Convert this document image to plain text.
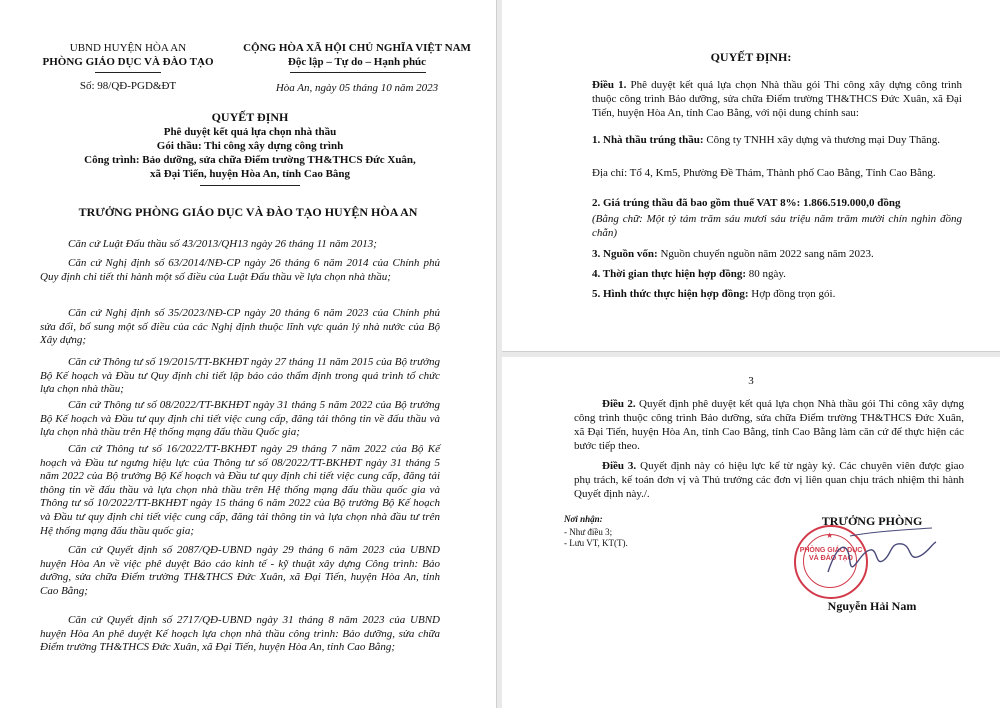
UBND HUYỆN HÒA AN
PHÒNG GIÁO DỤC VÀ ĐÀO TẠO
CỘNG HÒA XÃ HỘI CHỦ NGHĨA VIỆT NAM
Độc lập – Tự do – Hạnh phúc
Số: 98/QĐ-PGD&ĐT	Hòa An, ngày 05 tháng 10 năm 2023
QUYẾT ĐỊNH
Phê duyệt kết quả lựa chọn nhà thầu
Gói thầu: Thi công xây dựng công trình
Công trình: Bảo dưỡng, sửa chữa Điểm trường TH&THCS Đức Xuân,
xã Đại Tiến, huyện Hòa An, tỉnh Cao Bằng
TRƯỞNG PHÒNG GIÁO DỤC VÀ ĐÀO TẠO HUYỆN HÒA AN
Căn cứ Luật Đấu thầu số 43/2013/QH13 ngày 26 tháng 11 năm 2013;
Căn cứ Nghị định số 63/2014/NĐ-CP ngày 26 tháng 6 năm 2014 của Chính phủ Quy định chi tiết thi hành một số điều của Luật Đấu thầu về lựa chọn nhà thầu;
Căn cứ Nghị định số 35/2023/NĐ-CP ngày 20 tháng 6 năm 2023 của Chính phủ sửa đổi, bổ sung một số điều của các Nghị định thuộc lĩnh vực quản lý nhà nước của Bộ Xây dựng;
Căn cứ Thông tư số 19/2015/TT-BKHĐT ngày 27 tháng 11 năm 2015 của Bộ trưởng Bộ Kế hoạch và Đầu tư Quy định chi tiết lập báo cáo thẩm định trong quá trình tổ chức lựa chọn nhà thầu;
Căn cứ Thông tư số 08/2022/TT-BKHĐT ngày 31 tháng 5 năm 2022 của Bộ trưởng Bộ Kế hoạch và Đầu tư quy định chi tiết việc cung cấp, đăng tải thông tin về đấu thầu và lựa chọn nhà thầu trên Hệ thống mạng đấu thầu Quốc gia;
Căn cứ Thông tư số 16/2022/TT-BKHĐT ngày 29 tháng 7 năm 2022 của Bộ Kế hoạch và Đầu tư ngưng hiệu lực của Thông tư số 08/2022/TT-BKHĐT ngày 31 tháng 5 năm 2022 của Bộ trưởng Bộ Kế hoạch và Đầu tư quy định chi tiết việc cung cấp, đăng tải thông tin về đấu thầu và lựa chọn nhà thầu trên Hệ thống mạng đấu thầu quốc gia và Thông tư số 10/2022/TT-BKHĐT ngày 15 tháng 6 năm 2022 của Bộ trưởng Bộ Kế hoạch và Đầu tư quy định chi tiết việc cung cấp, đăng tải thông tin và lựa chọn nhà đầu tư trên Hệ thống mạng đấu thầu quốc gia;
Căn cứ Quyết định số 2087/QĐ-UBND ngày 29 tháng 6 năm 2023 của UBND huyện Hòa An về việc phê duyệt Báo cáo kinh tế - kỹ thuật xây dựng Công trình: Bảo dưỡng, sửa chữa Điểm trường TH&THCS Đức Xuân, xã Đại Tiến, huyện Hòa An, tỉnh Cao Bằng;
Căn cứ Quyết định số 2717/QĐ-UBND ngày 31 tháng 8 năm 2023 của UBND huyện Hòa An phê duyệt Kế hoạch lựa chọn nhà thầu công trình: Bảo dưỡng, sửa chữa Điểm trường TH&THCS Đức Xuân, xã Đại Tiến, huyện Hòa An, tỉnh Cao Bằng;
QUYẾT ĐỊNH:
Điều 1. Phê duyệt kết quả lựa chọn Nhà thầu gói Thi công xây dựng công trình thuộc công trình Bảo dưỡng, sửa chữa Điểm trường TH&THCS Đức Xuân, xã Đại Tiến, huyện Hòa An, tỉnh Cao Bằng, với nội dung chính sau:
1. Nhà thầu trúng thầu: Công ty TNHH xây dựng và thương mại Duy Thăng.
Địa chỉ: Tổ 4, Km5, Phường Đề Thám, Thành phố Cao Bằng, Tỉnh Cao Bằng.
2. Giá trúng thầu đã bao gồm thuế VAT 8%: 1.866.519.000,0 đồng
(Bằng chữ: Một tỷ tám trăm sáu mươi sáu triệu năm trăm mười chín nghìn đồng chẵn)
3. Nguồn vốn: Nguồn chuyển nguồn năm 2022 sang năm 2023.
4. Thời gian thực hiện hợp đồng: 80 ngày.
5. Hình thức thực hiện hợp đồng: Hợp đồng trọn gói.
3
Điều 2. Quyết định phê duyệt kết quả lựa chọn Nhà thầu gói Thi công xây dựng công trình thuộc công trình Bảo dưỡng, sửa chữa Điểm trường TH&THCS Đức Xuân, xã Đại Tiến, huyện Hòa An, tỉnh Cao Bằng, tỉnh Cao Bằng làm căn cứ để thực hiện các bước tiếp theo.
Điều 3. Quyết định này có hiệu lực kể từ ngày ký. Các chuyên viên được giao phụ trách, kế toán đơn vị và Thủ trưởng các đơn vị liên quan chịu trách nhiệm thi hành Quyết định này./.
Nơi nhận:
- Như điều 3;
- Lưu VT, KT(T).
TRƯỞNG PHÒNG
PHÒNG GIÁO DỤC VÀ ĐÀO TẠO
★
Nguyễn Hải Nam
